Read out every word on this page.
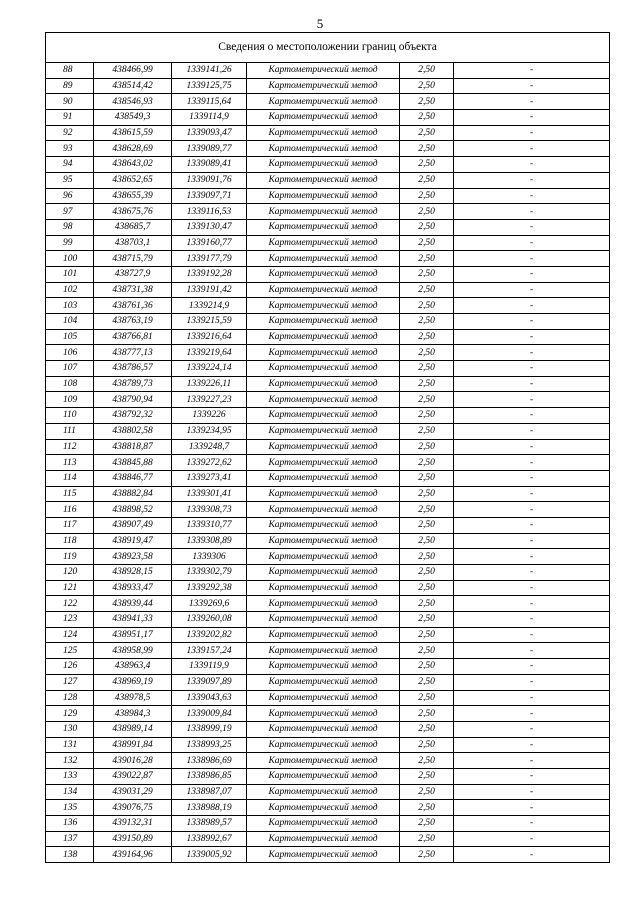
5
Сведения о местоположении границ объекта					
88	438466,99	1339141,26	Картометрический метод	2,50	-
89	438514,42	1339125,75	Картометрический метод	2,50	-
90	438546,93	1339115,64	Картометрический метод	2,50	-
91	438549,3	1339114,9	Картометрический метод	2,50	-
92	438615,59	1339093,47	Картометрический метод	2,50	-
93	438628,69	1339089,77	Картометрический метод	2,50	-
94	438643,02	1339089,41	Картометрический метод	2,50	-
95	438652,65	1339091,76	Картометрический метод	2,50	-
96	438655,39	1339097,71	Картометрический метод	2,50	-
97	438675,76	1339116,53	Картометрический метод	2,50	-
98	438685,7	1339130,47	Картометрический метод	2,50	-
99	438703,1	1339160,77	Картометрический метод	2,50	-
100	438715,79	1339177,79	Картометрический метод	2,50	-
101	438727,9	1339192,28	Картометрический метод	2,50	-
102	438731,38	1339191,42	Картометрический метод	2,50	-
103	438761,36	1339214,9	Картометрический метод	2,50	-
104	438763,19	1339215,59	Картометрический метод	2,50	-
105	438766,81	1339216,64	Картометрический метод	2,50	-
106	438777,13	1339219,64	Картометрический метод	2,50	-
107	438786,57	1339224,14	Картометрический метод	2,50	-
108	438789,73	1339226,11	Картометрический метод	2,50	-
109	438790,94	1339227,23	Картометрический метод	2,50	-
110	438792,32	1339226	Картометрический метод	2,50	-
111	438802,58	1339234,95	Картометрический метод	2,50	-
112	438818,87	1339248,7	Картометрический метод	2,50	-
113	438845,88	1339272,62	Картометрический метод	2,50	-
114	438846,77	1339273,41	Картометрический метод	2,50	-
115	438882,84	1339301,41	Картометрический метод	2,50	-
116	438898,52	1339308,73	Картометрический метод	2,50	-
117	438907,49	1339310,77	Картометрический метод	2,50	-
118	438919,47	1339308,89	Картометрический метод	2,50	-
119	438923,58	1339306	Картометрический метод	2,50	-
120	438928,15	1339302,79	Картометрический метод	2,50	-
121	438933,47	1339292,38	Картометрический метод	2,50	-
122	438939,44	1339269,6	Картометрический метод	2,50	-
123	438941,33	1339260,08	Картометрический метод	2,50	-
124	438951,17	1339202,82	Картометрический метод	2,50	-
125	438958,99	1339157,24	Картометрический метод	2,50	-
126	438963,4	1339119,9	Картометрический метод	2,50	-
127	438969,19	1339097,89	Картометрический метод	2,50	-
128	438978,5	1339043,63	Картометрический метод	2,50	-
129	438984,3	1339009,84	Картометрический метод	2,50	-
130	438989,14	1338999,19	Картометрический метод	2,50	-
131	438991,84	1338993,25	Картометрический метод	2,50	-
132	439016,28	1338986,69	Картометрический метод	2,50	-
133	439022,87	1338986,85	Картометрический метод	2,50	-
134	439031,29	1338987,07	Картометрический метод	2,50	-
135	439076,75	1338988,19	Картометрический метод	2,50	-
136	439132,31	1338989,57	Картометрический метод	2,50	-
137	439150,89	1338992,67	Картометрический метод	2,50	-
138	439164,96	1339005,92	Картометрический метод	2,50	-
